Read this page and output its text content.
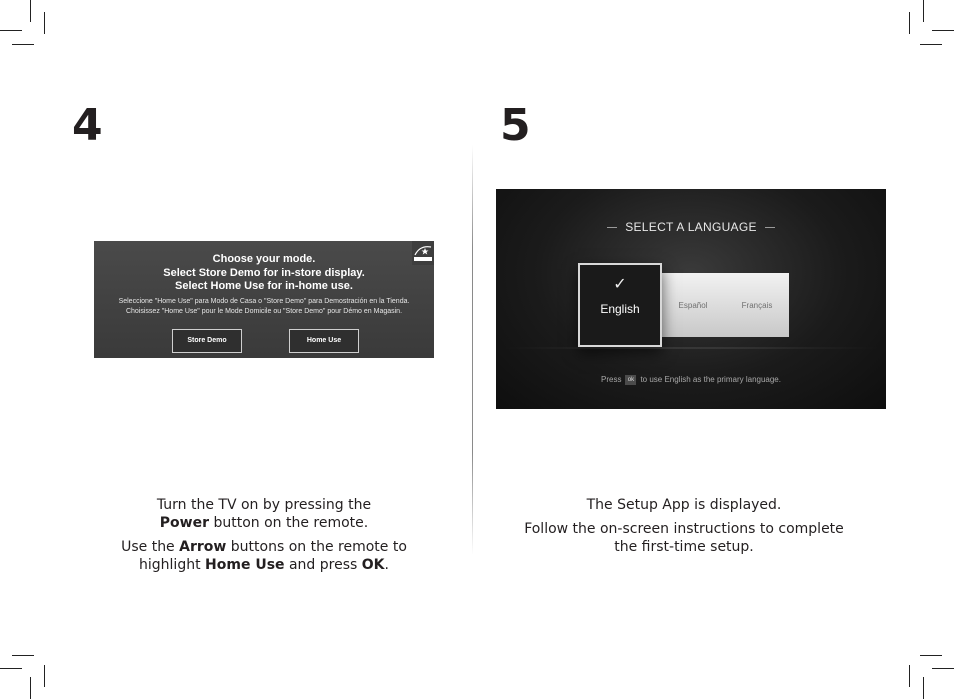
4	5
Choose your mode.
Select Store Demo for in-store display.
Select Home Use for in-home use.
Seleccione "Home Use" para Modo de Casa o "Store Demo" para Demostración en la Tienda.
Choisissez "Home Use" pour le Mode Domicile ou "Store Demo" pour Démo en Magasin.
Store Demo	Home Use
SELECT A LANGUAGE
Español	Français
✓
English
Press ok to use English as the primary language.

Turn the TV on by pressing the

Power button on the remote.

Use the Arrow buttons on the remote to

highlight Home Use and press OK.

The Setup App is displayed.

Follow the on-screen instructions to complete

the first-time setup.
